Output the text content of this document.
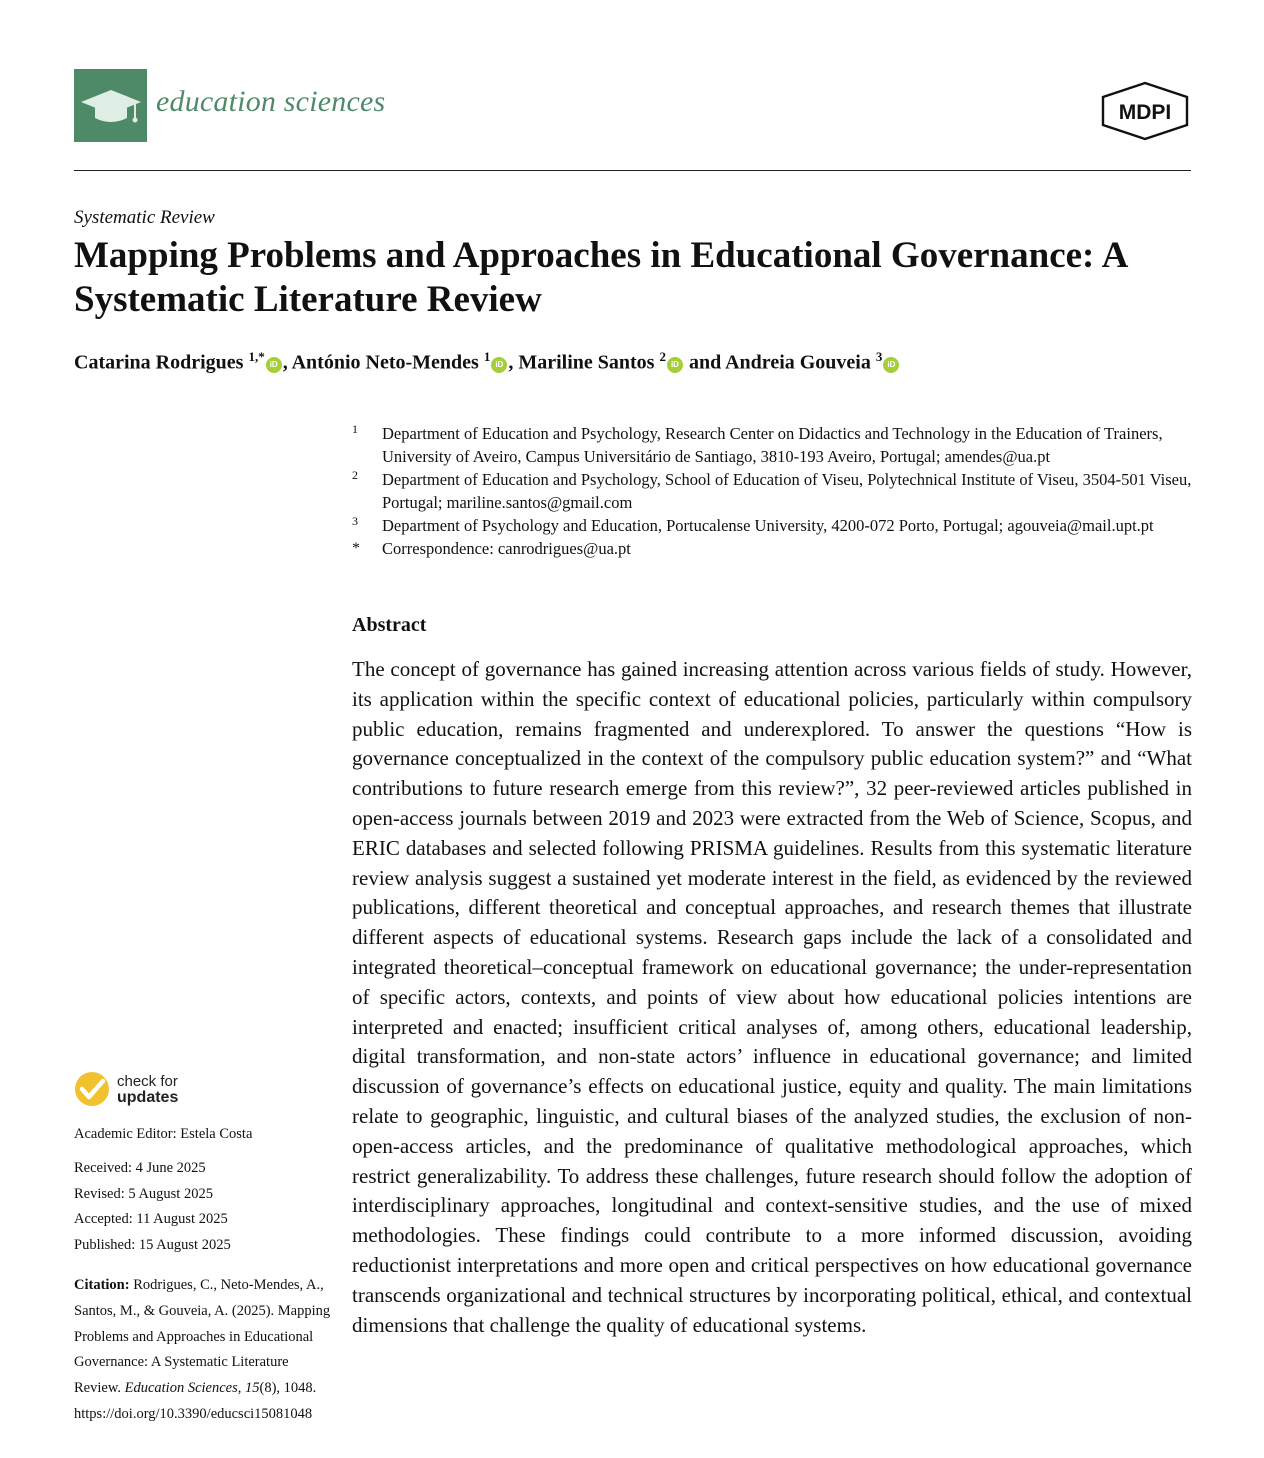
education sciences	MDPI
Systematic Review
Mapping Problems and Approaches in Educational Governance: A Systematic Literature Review
Catarina Rodrigues $^{1,*}$iD , António Neto-Mendes $^1$iD , Mariline Santos $^2$iD and Andreia Gouveia $^3$iD
1 Department of Education and Psychology, Research Center on Didactics and Technology in the Education of Trainers, University of Aveiro, Campus Universitário de Santiago, 3810-193 Aveiro, Portugal; amendes@ua.pt
2 Department of Education and Psychology, School of Education of Viseu, Polytechnical Institute of Viseu, 3504-501 Viseu, Portugal; mariline.santos@gmail.com
3 Department of Psychology and Education, Portucalense University, 4200-072 Porto, Portugal; agouveia@mail.upt.pt
* Correspondence: canrodrigues@ua.pt
Abstract

The concept of governance has gained increasing attention across various fields of study. However, its application within the specific context of educational policies, particularly within compulsory public education, remains fragmented and underexplored. To answer the questions “How is governance conceptualized in the context of the compulsory public education system?” and “What contributions to future research emerge from this review?”, 32 peer-reviewed articles published in open-access journals between 2019 and 2023 were extracted from the Web of Science, Scopus, and ERIC databases and selected following PRISMA guidelines. Results from this systematic literature review analysis suggest a sustained yet moderate interest in the field, as evidenced by the reviewed publications, different theoretical and conceptual approaches, and research themes that illustrate different aspects of educational systems. Research gaps include the lack of a consolidated and integrated theoretical–conceptual framework on educational governance; the under-representation of specific actors, contexts, and points of view about how educational policies intentions are interpreted and enacted; insufficient critical analyses of, among others, educational leadership, digital transformation, and non-state actors’ influence in educational governance; and limited discussion of governance’s effects on educational justice, equity and quality. The main limitations relate to geographic, linguistic, and cultural biases of the analyzed studies, the exclusion of non-open-access articles, and the predominance of qualitative methodological approaches, which restrict generalizability. To address these challenges, future research should follow the adoption of interdisciplinary approaches, longitudinal and context-sensitive studies, and the use of mixed methodologies. These findings could contribute to a more informed discussion, avoiding reductionist interpretations and more open and critical perspectives on how educational governance transcends organizational and technical structures by incorporating political, ethical, and contextual dimensions that challenge the quality of educational systems.

check for
updates

Academic Editor: Estela Costa

Received: 4 June 2025

Revised: 5 August 2025

Accepted: 11 August 2025

Published: 15 August 2025

Citation: Rodrigues, C., Neto-Mendes, A., Santos, M., & Gouveia, A. (2025). Mapping Problems and Approaches in Educational Governance: A Systematic Literature Review. Education Sciences, 15(8), 1048. https://doi.org/10.3390/educsci15081048
